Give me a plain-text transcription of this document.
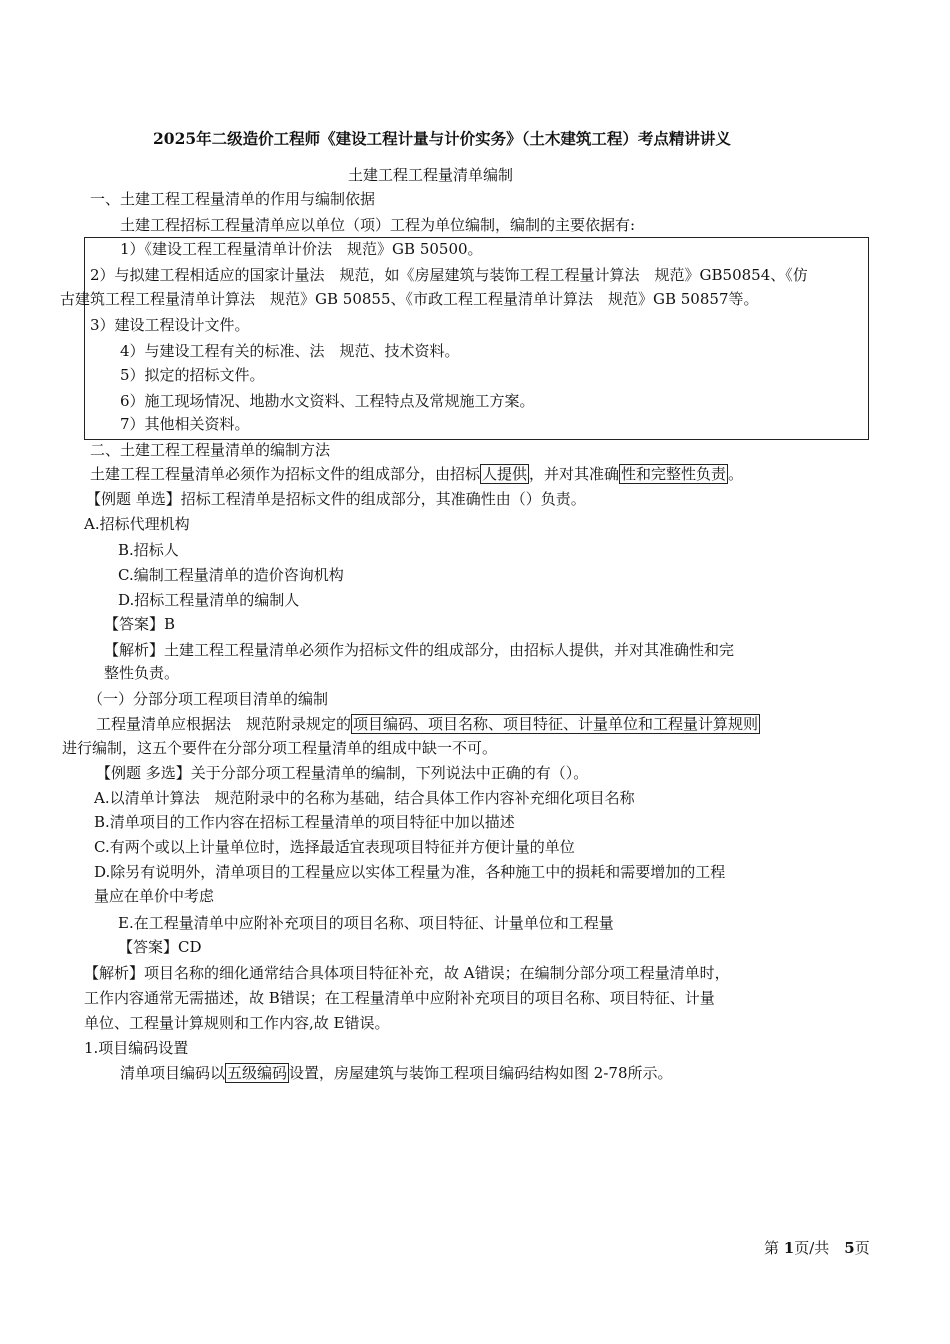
2025年二级造价工程师《建设工程计量与计价实务》（土木建筑工程）考点精讲讲义
土建工程工程量清单编制
一、土建工程工程量清单的作用与编制依据
土建工程招标工程量清单应以单位（项）工程为单位编制，编制的主要依据有:
1）《建设工程工程量清单计价法　规范》GB 50500。
2）与拟建工程相适应的国家计量法　规范，如《房屋建筑与装饰工程工程量计算法　规范》GB50854、《仿
古建筑工程工程量清单计算法　规范》GB 50855、《市政工程工程量清单计算法　规范》GB 50857等。
3）建设工程设计文件。
4）与建设工程有关的标准、法　规范、技术资料。
5）拟定的招标文件。
6）施工现场情况、地勘水文资料、工程特点及常规施工方案。
7）其他相关资料。
二、土建工程工程量清单的编制方法
土建工程工程量清单必须作为招标文件的组成部分，由招标 人提供 ，并对其准确 性和完整性负责 。
【例题 单选】招标工程清单是招标文件的组成部分，其准确性由（）负责。
A.招标代理机构
B.招标人
C.编制工程量清单的造价咨询机构
D.招标工程量清单的编制人
【答案】B
【解析】土建工程工程量清单必须作为招标文件的组成部分，由招标人提供，并对其准确性和完
整性负责。
（一）分部分项工程项目清单的编制
工程量清单应根据法　规范附录规定的 项目编码、项目名称、项目特征、计量单位和工程量计算规则
进行编制，这五个要件在分部分项工程量清单的组成中缺一不可。
【例题 多选】关于分部分项工程量清单的编制，下列说法中正确的有（）。
A.以清单计算法　规范附录中的名称为基础，结合具体工作内容补充细化项目名称
B.清单项目的工作内容在招标工程量清单的项目特征中加以描述
C.有两个或以上计量单位时，选择最适宜表现项目特征并方便计量的单位
D.除另有说明外，清单项目的工程量应以实体工程量为准，各种施工中的损耗和需要增加的工程
量应在单价中考虑
E.在工程量清单中应附补充项目的项目名称、项目特征、计量单位和工程量
【答案】CD
【解析】项目名称的细化通常结合具体项目特征补充，故 A错误；在编制分部分项工程量清单时，
工作内容通常无需描述，故 B错误；在工程量清单中应附补充项目的项目名称、项目特征、计量
单位、工程量计算规则和工作内容,故 E错误。
1.项目编码设置
清单项目编码以 五级编码 设置，房屋建筑与装饰工程项目编码结构如图 2-78所示。
第 1页/共　5页
